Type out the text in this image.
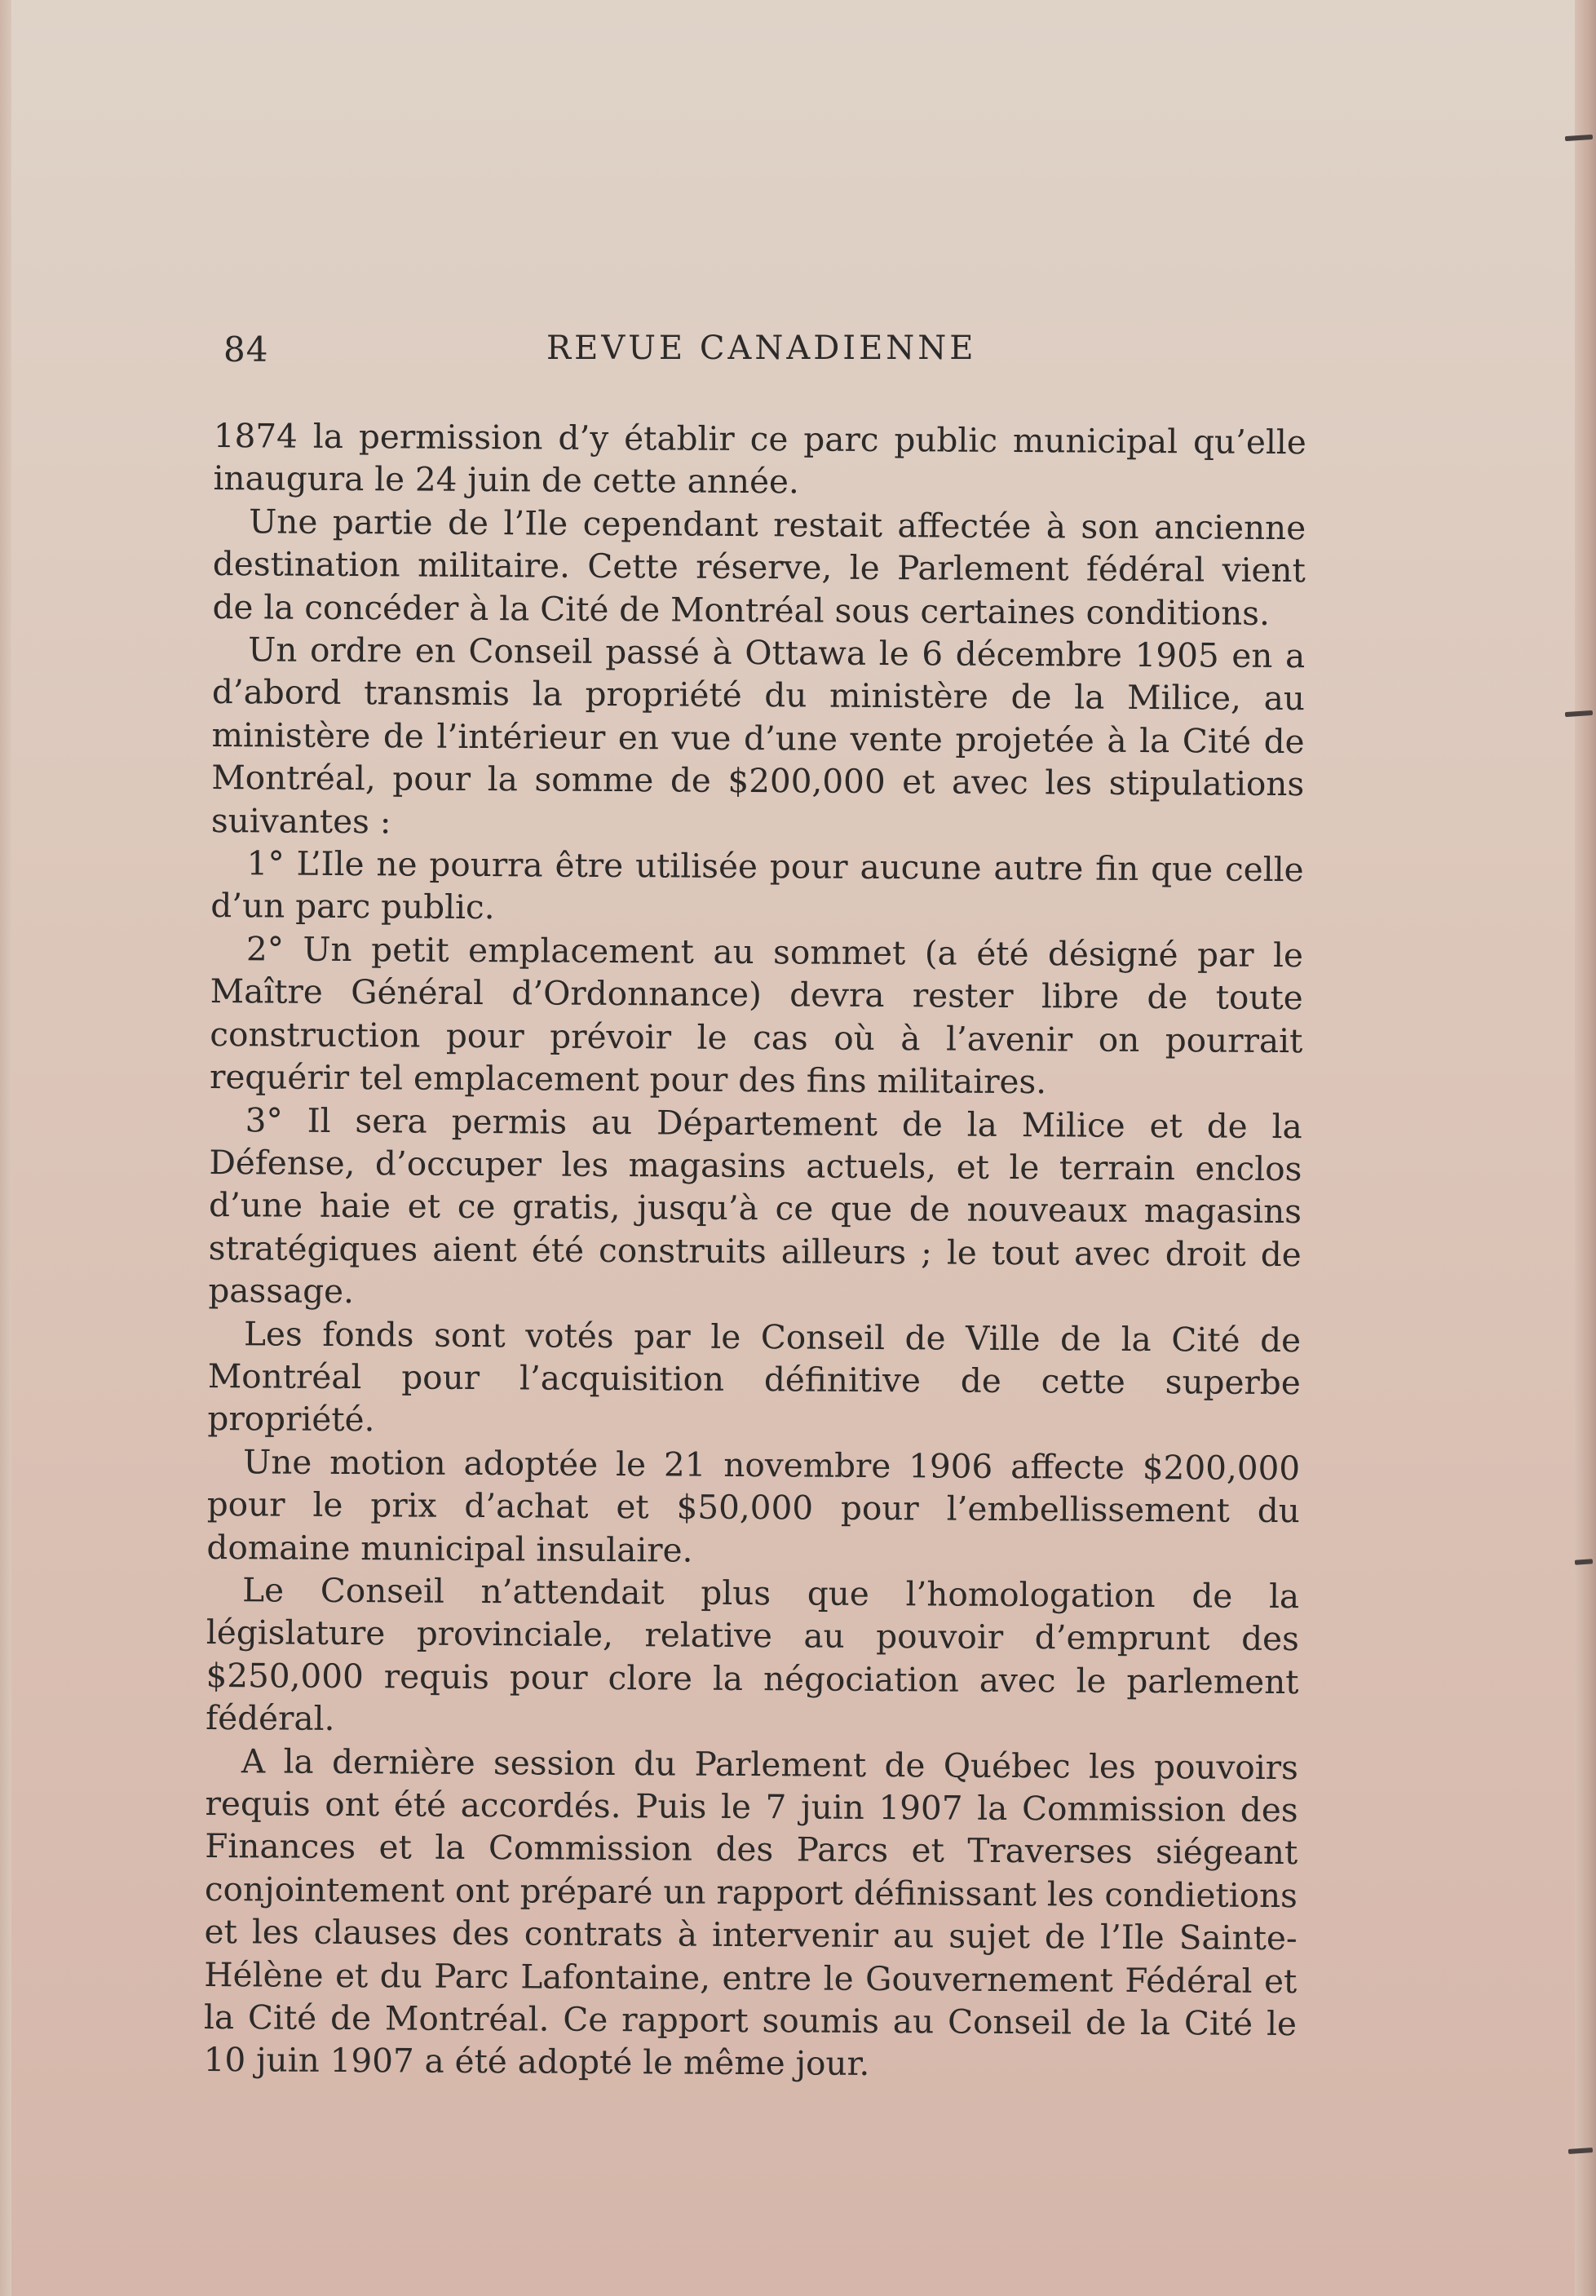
84	REVUE CANADIENNE

1874 la permission d’y établir ce parc public municipal qu’elle inaugura le 24 juin de cette année.

Une partie de l’Ile cependant restait affectée à son ancienne destination militaire. Cette réserve, le Parlement fédéral vient de la concéder à la Cité de Montréal sous certaines conditions.

Un ordre en Conseil passé à Ottawa le 6 décembre 1905 en a d’abord transmis la propriété du ministère de la Milice, au ministère de l’intérieur en vue d’une vente projetée à la Cité de Montréal, pour la somme de $200,000 et avec les stipulations suivantes :

1° L’Ile ne pourra être utilisée pour aucune autre fin que celle d’un parc public.

2° Un petit emplacement au sommet (a été désigné par le Maître Général d’Ordonnance) devra rester libre de toute construction pour prévoir le cas où à l’avenir on pourrait requérir tel emplacement pour des fins militaires.

3° Il sera permis au Département de la Milice et de la Défense, d’occuper les magasins actuels, et le terrain enclos d’une haie et ce gratis, jusqu’à ce que de nouveaux magasins stratégiques aient été construits ailleurs ; le tout avec droit de passage.

Les fonds sont votés par le Conseil de Ville de la Cité de Montréal pour l’acquisition définitive de cette superbe propriété.

Une motion adoptée le 21 novembre 1906 affecte $200,000 pour le prix d’achat et $50,000 pour l’embellissement du domaine municipal insulaire.

Le Conseil n’attendait plus que l’homologation de la législature provinciale, relative au pouvoir d’emprunt des $250,000 requis pour clore la négociation avec le parlement fédéral.

A la dernière session du Parlement de Québec les pouvoirs requis ont été accordés. Puis le 7 juin 1907 la Commission des Finances et la Commission des Parcs et Traverses siégeant conjointement ont préparé un rapport définissant les condietions et les clauses des contrats à intervenir au sujet de l’Ile Sainte-Hélène et du Parc Lafontaine, entre le Gouvernement Fédéral et la Cité de Montréal. Ce rapport soumis au Conseil de la Cité le 10 juin 1907 a été adopté le même jour.
